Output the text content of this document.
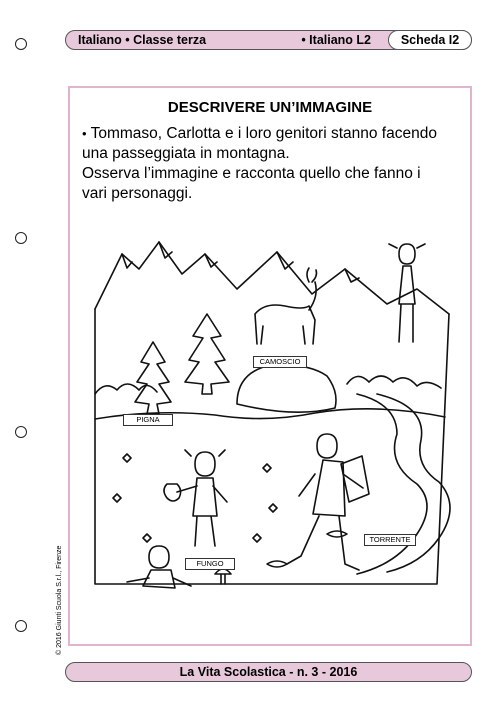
Italiano • Classe terza	• Italiano L2	Scheda I2
DESCRIVERE UN’IMMAGINE
• Tommaso, Carlotta e i loro genitori stanno facendo
una passeggiata in montagna.
Osserva l’immagine e racconta quello che fanno i
vari personaggi.
CAMOSCIO
PIGNA
TORRENTE
FUNGO
© 2016 Giunti Scuola S.r.l., Firenze
La Vita Scolastica - n. 3 - 2016
